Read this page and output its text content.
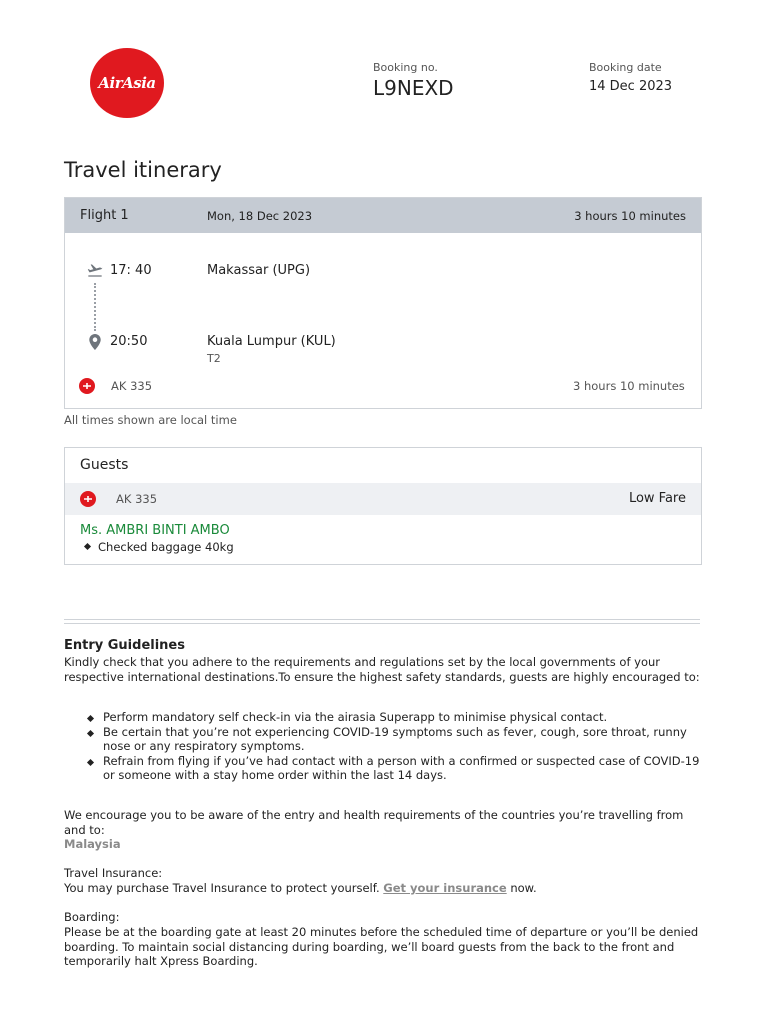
AirAsia
Booking no.
L9NEXD
Booking date
14 Dec 2023
Travel itinerary
Flight 1	Mon, 18 Dec 2023	3 hours 10 minutes
17: 40	Makassar (UPG)
20:50	Kuala Lumpur (KUL)
T2
AK 335	3 hours 10 minutes
All times shown are local time
Guests
AK 335	Low Fare
Ms. AMBRI BINTI AMBO
Checked baggage 40kg
Entry Guidelines
Kindly check that you adhere to the requirements and regulations set by the local governments of your respective international destinations.To ensure the highest safety standards, guests are highly encouraged to:
Perform mandatory self check-in via the airasia Superapp to minimise physical contact.
Be certain that you’re not experiencing COVID-19 symptoms such as fever, cough, sore throat, runny nose or any respiratory symptoms.
Refrain from flying if you’ve had contact with a person with a confirmed or suspected case of COVID-19 or someone with a stay home order within the last 14 days.
We encourage you to be aware of the entry and health requirements of the countries you’re travelling from and to:
Malaysia
Travel Insurance:
You may purchase Travel Insurance to protect yourself. Get your insurance now.
Boarding:
Please be at the boarding gate at least 20 minutes before the scheduled time of departure or you’ll be denied boarding. To maintain social distancing during boarding, we’ll board guests from the back to the front and temporarily halt Xpress Boarding.
